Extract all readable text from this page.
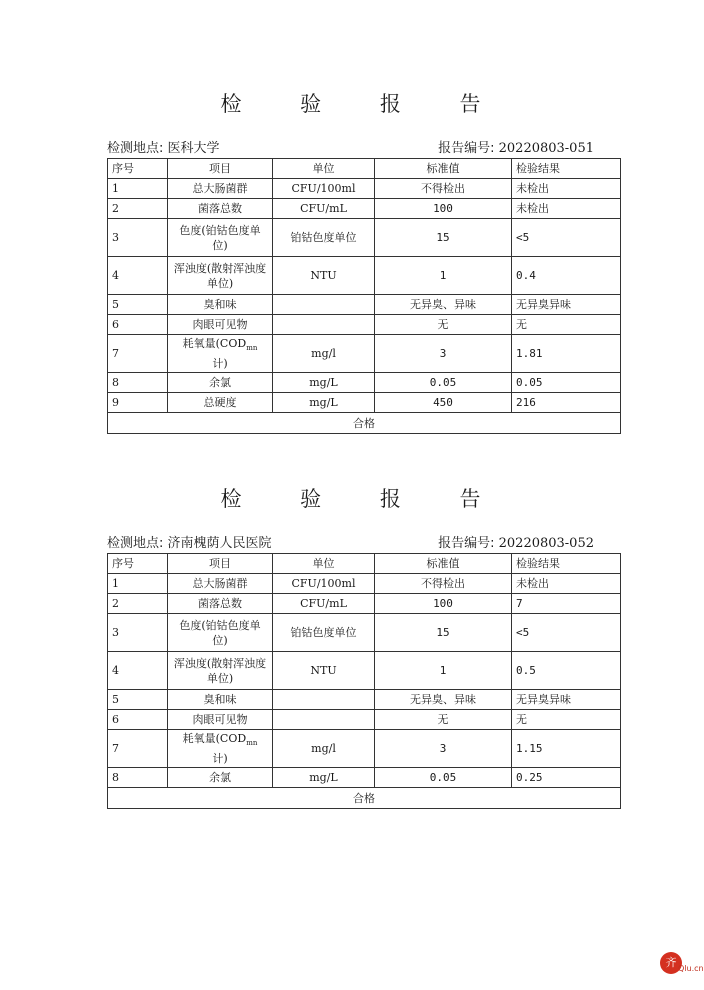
检 验 报 告
检测地点: 医科大学	报告编号: 20220803-051
序号	项目	单位	标准值	检验结果
1	总大肠菌群	CFU/100ml	不得检出	未检出
2	菌落总数	CFU/mL	100	未检出
3	色度(铂钴色度单位)	铂钴色度单位	15	<5
4	浑浊度(散射浑浊度单位)	NTU	1	0.4
5	臭和味		无异臭、异味	无异臭异味
6	肉眼可见物		无	无
7	耗氧量($COD_{mn}$
计)	mg/l	3	1.81
8	余氯	mg/L	0.05	0.05
9	总硬度	mg/L	450	216
合格				
检 验 报 告
检测地点: 济南槐荫人民医院	报告编号: 20220803-052
序号	项目	单位	标准值	检验结果
1	总大肠菌群	CFU/100ml	不得检出	未检出
2	菌落总数	CFU/mL	100	7
3	色度(铂钴色度单位)	铂钴色度单位	15	<5
4	浑浊度(散射浑浊度单位)	NTU	1	0.5
5	臭和味		无异臭、异味	无异臭异味
6	肉眼可见物		无	无
7	耗氧量($COD_{mn}$
计)	mg/l	3	1.15
8	余氯	mg/L	0.05	0.25
合格				
齐 Qlu.cn
